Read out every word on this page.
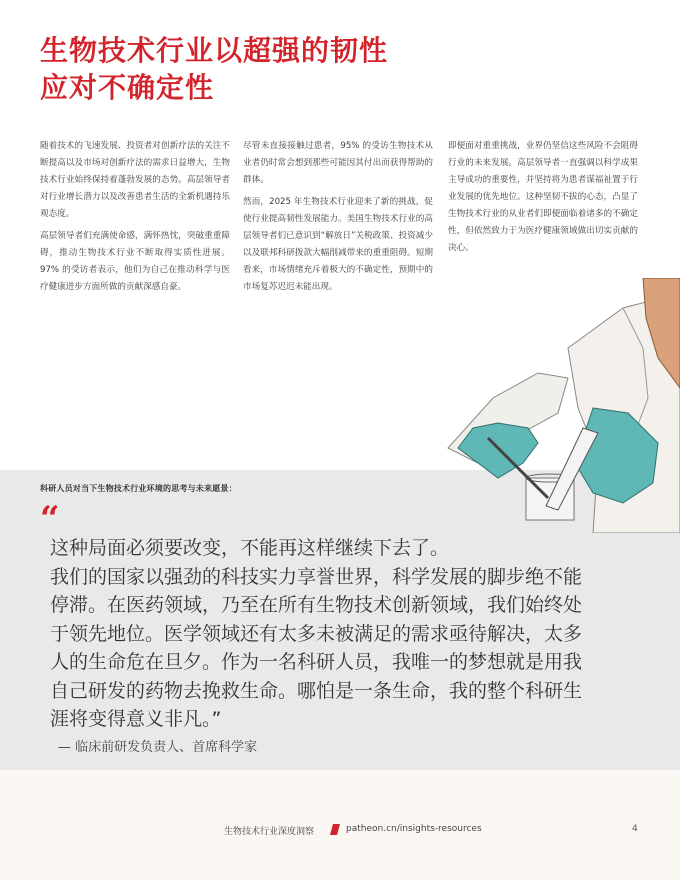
生物技术行业以超强的韧性
应对不确定性

随着技术的飞速发展、投资者对创新疗法的关注不断提高以及市场对创新疗法的需求日益增大，生物技术行业始终保持着蓬勃发展的态势。高层领导者对行业增长潜力以及改善患者生活的全新机遇持乐观态度。

高层领导者们充满使命感，满怀热忱，突破重重障碍，推动生物技术行业不断取得实质性进展。97% 的受访者表示，他们为自己在推动科学与医疗健康进步方面所做的贡献深感自豪。

尽管未直接接触过患者，95% 的受访生物技术从业者仍时常会想到那些可能因其付出而获得帮助的群体。

然而，2025 年生物技术行业迎来了新的挑战，促使行业提高韧性发展能力。美国生物技术行业的高层领导者们已意识到“解放日”关税政策、投资减少以及联邦科研拨款大幅削减带来的重重阻碍。短期看来，市场情绪充斥着极大的不确定性，预期中的市场复苏迟迟未能出现。

即便面对重重挑战，业界仍坚信这些风险不会阻碍行业的未来发展。高层领导者一直强调以科学成果主导成功的重要性，并坚持将为患者谋福祉置于行业发展的优先地位。这种坚韧不拔的心态，凸显了生物技术行业的从业者们即便面临着诸多的不确定性，但依然致力于为医疗健康领域做出切实贡献的决心。

科研人员对当下生物技术行业环境的思考与未来愿景：
“
这种局面必须要改变，不能再这样继续下去了。
我们的国家以强劲的科技实力享誉世界，科学发展的脚步绝不能
停滞。在医药领域，乃至在所有生物技术创新领域，我们始终处
于领先地位。医学领域还有太多未被满足的需求亟待解决，太多
人的生命危在旦夕。作为一名科研人员，我唯一的梦想就是用我
自己研发的药物去挽救生命。哪怕是一条生命，我的整个科研生
涯将变得意义非凡。”
— 临床前研发负责人、首席科学家
生物技术行业深度洞察	patheon.cn/insights-resources	4
